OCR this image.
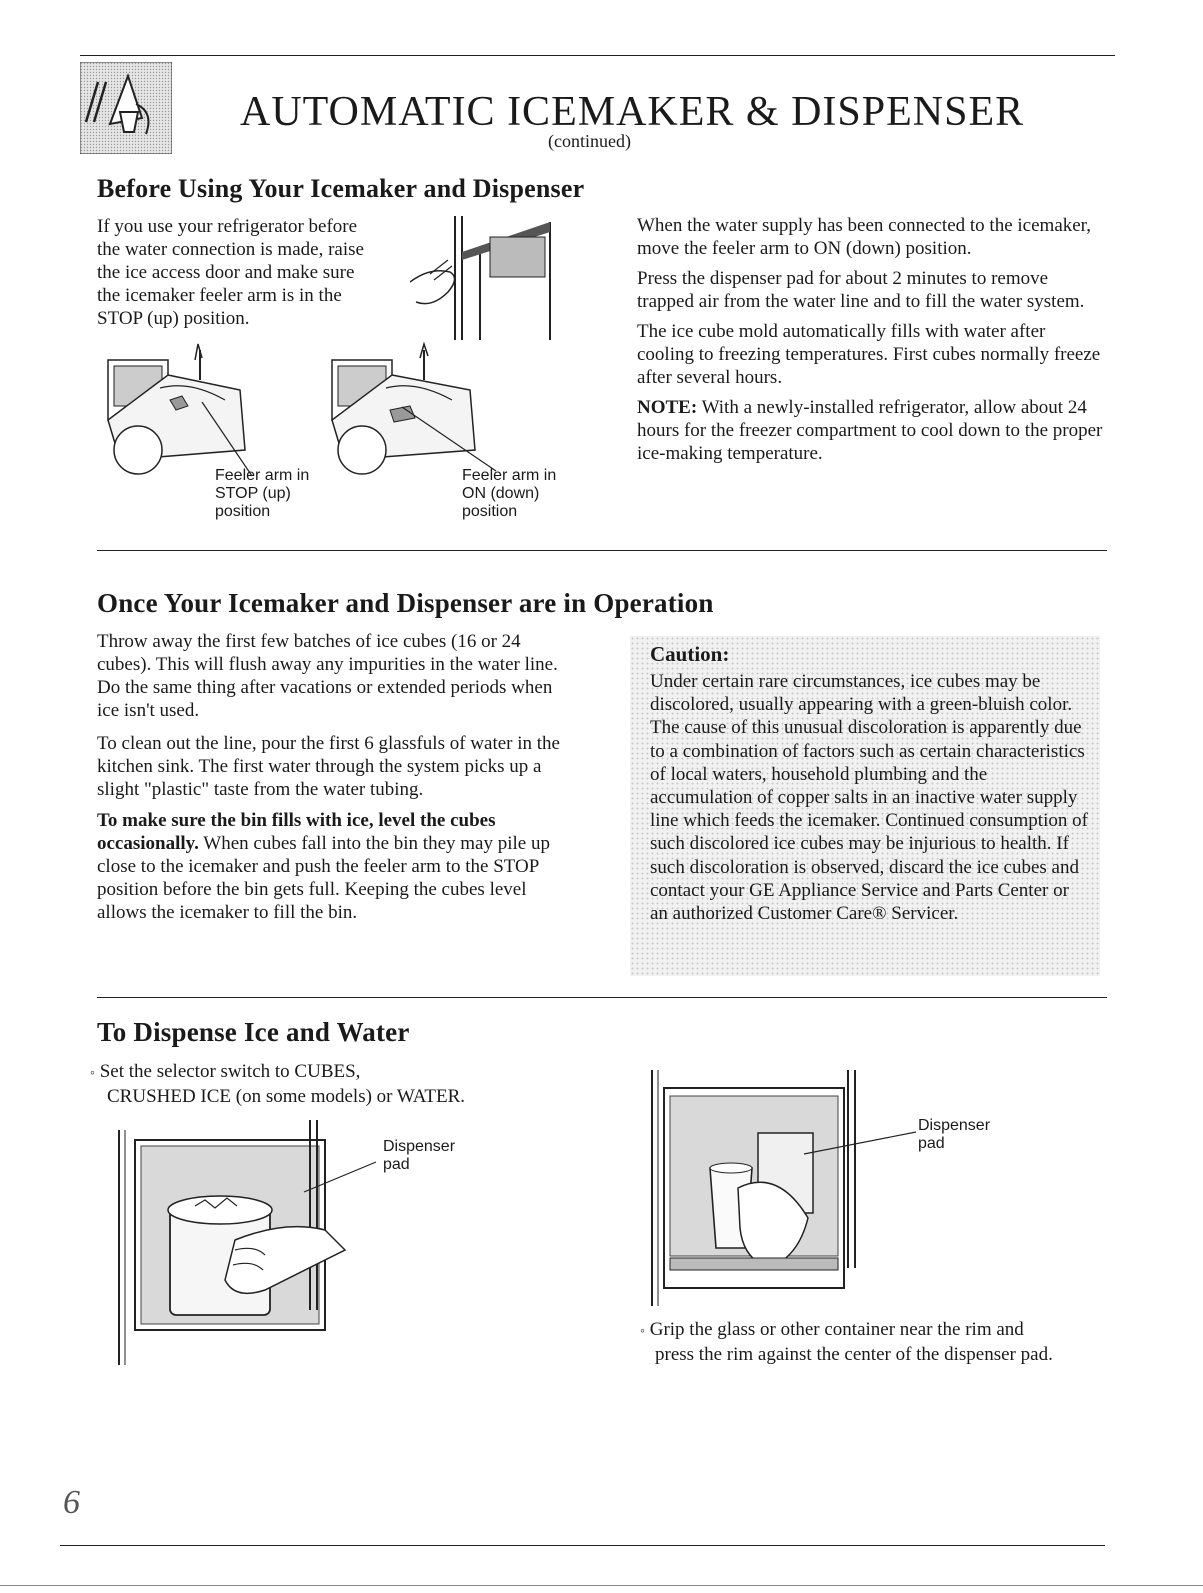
AUTOMATIC ICEMAKER & DISPENSER
(continued)
Before Using Your Icemaker and Dispenser
If you use your refrigerator before
the water connection is made, raise
the ice access door and make sure
the icemaker feeler arm is in the
STOP (up) position.
Feeler arm in
STOP (up)
position
Feeler arm in
ON (down)
position

When the water supply has been connected to the icemaker, move the feeler arm to ON (down) position.

Press the dispenser pad for about 2 minutes to remove trapped air from the water line and to fill the water system.

The ice cube mold automatically fills with water after cooling to freezing temperatures. First cubes normally freeze after several hours.

NOTE: With a newly-installed refrigerator, allow about 24 hours for the freezer compartment to cool down to the proper ice-making temperature.

Once Your Icemaker and Dispenser are in Operation

Throw away the first few batches of ice cubes (16 or 24 cubes). This will flush away any impurities in the water line. Do the same thing after vacations or extended periods when ice isn't used.

To clean out the line, pour the first 6 glassfuls of water in the kitchen sink. The first water through the system picks up a slight "plastic" taste from the water tubing.

To make sure the bin fills with ice, level the cubes occasionally. When cubes fall into the bin they may pile up close to the icemaker and push the feeler arm to the STOP position before the bin gets full. Keeping the cubes level allows the icemaker to fill the bin.

Caution:

Under certain rare circumstances, ice cubes may be discolored, usually appearing with a green-bluish color. The cause of this unusual discoloration is apparently due to a combination of factors such as certain characteristics of local waters, household plumbing and the accumulation of copper salts in an inactive water supply line which feeds the icemaker. Continued consumption of such discolored ice cubes may be injurious to health. If such discoloration is observed, discard the ice cubes and contact your GE Appliance Service and Parts Center or an authorized Customer Care® Servicer.

To Dispense Ice and Water
◦ Set the selector switch to CUBES,
CRUSHED ICE (on some models) or WATER.
Dispenser
pad
Dispenser
pad
◦ Grip the glass or other container near the rim and
press the rim against the center of the dispenser pad.
6
